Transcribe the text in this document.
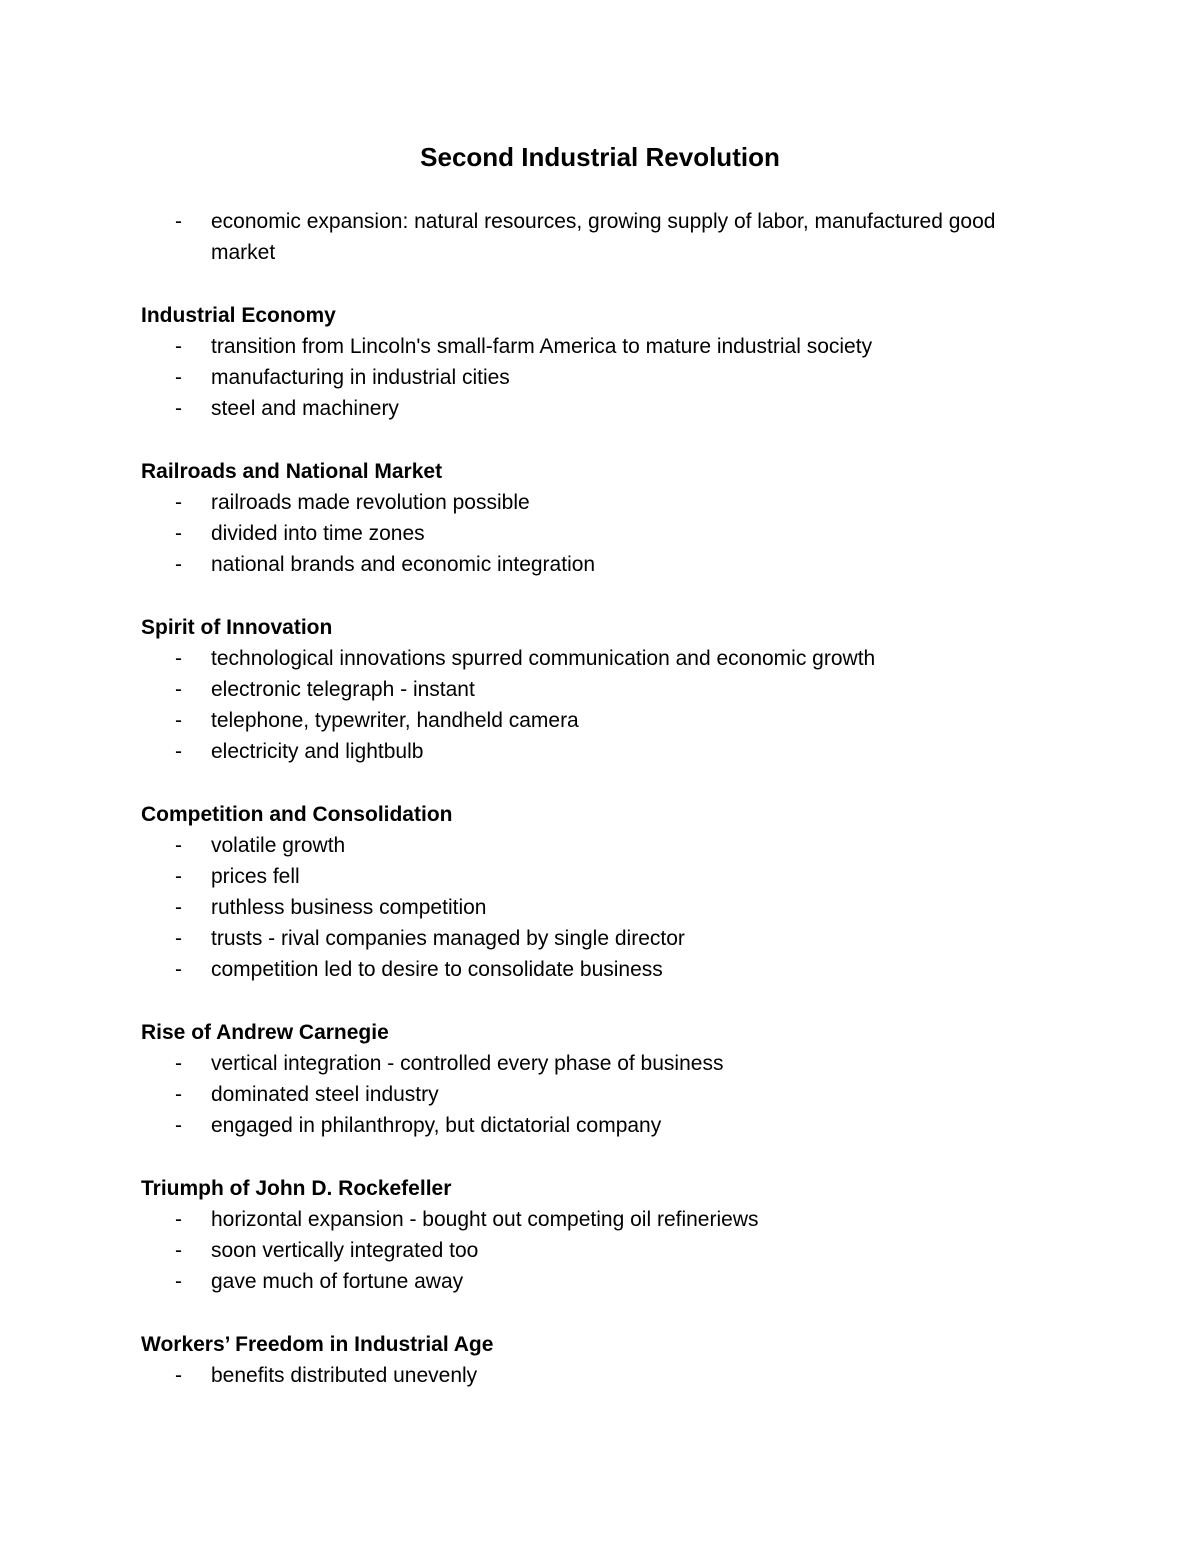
Second Industrial Revolution
-	economic expansion: natural resources, growing supply of labor, manufactured good market
Industrial Economy
-	transition from Lincoln's small-farm America to mature industrial society
-	manufacturing in industrial cities
-	steel and machinery
Railroads and National Market
-	railroads made revolution possible
-	divided into time zones
-	national brands and economic integration
Spirit of Innovation
-	technological innovations spurred communication and economic growth
-	electronic telegraph - instant
-	telephone, typewriter, handheld camera
-	electricity and lightbulb
Competition and Consolidation
-	volatile growth
-	prices fell
-	ruthless business competition
-	trusts - rival companies managed by single director
-	competition led to desire to consolidate business
Rise of Andrew Carnegie
-	vertical integration - controlled every phase of business
-	dominated steel industry
-	engaged in philanthropy, but dictatorial company
Triumph of John D. Rockefeller
-	horizontal expansion - bought out competing oil refineriews
-	soon vertically integrated too
-	gave much of fortune away
Workers’ Freedom in Industrial Age
-	benefits distributed unevenly
